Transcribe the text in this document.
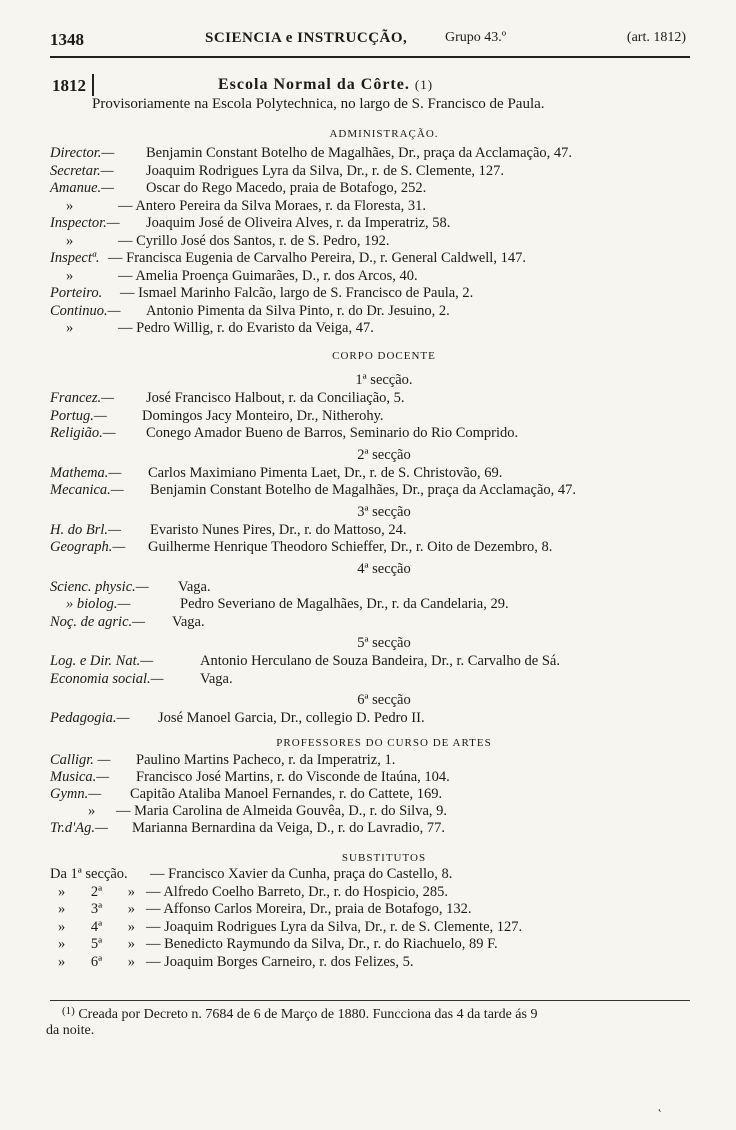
1348	SCIENCIA e INSTRUCÇÃO,	Grupo 43.º	(art. 1812)
1812	Escola Normal da Côrte. (1)
Provisoriamente na Escola Polytechnica, no largo de S. Francisco de Paula.
ADMINISTRAÇÃO.
Director.— Benjamin Constant Botelho de Magalhães, Dr., praça da Acclamação, 47.
Secretar.— Joaquim Rodrigues Lyra da Silva, Dr., r. de S. Clemente, 127.
Amanue.— Oscar do Rego Macedo, praia de Botafogo, 252.
»	— Antero Pereira da Silva Moraes, r. da Floresta, 31.
Inspector.— Joaquim José de Oliveira Alves, r. da Imperatriz, 58.
»	— Cyrillo José dos Santos, r. de S. Pedro, 192.
Inspectª. — Francisca Eugenia de Carvalho Pereira, D., r. General Caldwell, 147.
»	— Amelia Proença Guimarães, D., r. dos Arcos, 40.
Porteiro. — Ismael Marinho Falcão, largo de S. Francisco de Paula, 2.
Continuo.— Antonio Pimenta da Silva Pinto, r. do Dr. Jesuino, 2.
»	— Pedro Willig, r. do Evaristo da Veiga, 47.
CORPO DOCENTE
1ª secção.
Francez.— José Francisco Halbout, r. da Conciliação, 5.
Portug.— Domingos Jacy Monteiro, Dr., Nitherohy.
Religião.— Conego Amador Bueno de Barros, Seminario do Rio Comprido.
2ª secção
Mathema.— Carlos Maximiano Pimenta Laet, Dr., r. de S. Christovão, 69.
Mecanica.— Benjamin Constant Botelho de Magalhães, Dr., praça da Acclamação, 47.
3ª secção
H. do Brl.— Evaristo Nunes Pires, Dr., r. do Mattoso, 24.
Geograph.— Guilherme Henrique Theodoro Schieffer, Dr., r. Oito de Dezembro, 8.
4ª secção
Scienc. physic.— Vaga.
» biolog.—	Pedro Severiano de Magalhães, Dr., r. da Candelaria, 29.
Noç. de agric.— Vaga.
5ª secção
Log. e Dir. Nat.—	Antonio Herculano de Souza Bandeira, Dr., r. Carvalho de Sá.
Economia social.—	Vaga.
6ª secção
Pedagogia.— José Manoel Garcia, Dr., collegio D. Pedro II.
PROFESSORES DO CURSO DE ARTES
Calligr. — Paulino Martins Pacheco, r. da Imperatriz, 1.
Musica.— Francisco José Martins, r. do Visconde de Itaúna, 104.
Gymn.— Capitão Ataliba Manoel Fernandes, r. do Cattete, 169.
» — Maria Carolina de Almeida Gouvêa, D., r. do Silva, 9.
Tr.d'Ag.— Marianna Bernardina da Veiga, D., r. do Lavradio, 77.
SUBSTITUTOS
Da 1ª secção. — Francisco Xavier da Cunha, praça do Castello, 8.
» 2ª » — Alfredo Coelho Barreto, Dr., r. do Hospicio, 285.
» 3ª » — Affonso Carlos Moreira, Dr., praia de Botafogo, 132.
» 4ª » — Joaquim Rodrigues Lyra da Silva, Dr., r. de S. Clemente, 127.
» 5ª » — Benedicto Raymundo da Silva, Dr., r. do Riachuelo, 89 F.
» 6ª » — Joaquim Borges Carneiro, r. dos Felizes, 5.
$^{(1)}$ Creada por Decreto n. 7684 de 6 de Março de 1880. Funcciona das 4 da tarde ás 9
da noite.
˛
